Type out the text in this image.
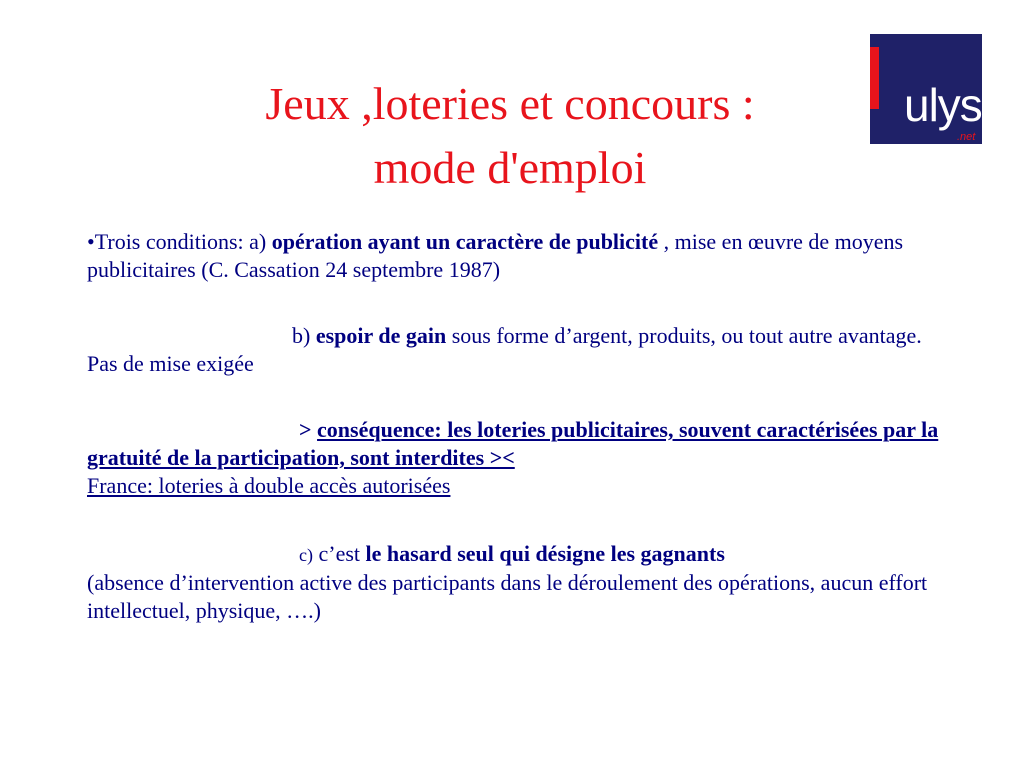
Jeux ,loteries et concours :
mode d'emploi
ulys
.net

•Trois conditions: a) opération ayant un caractère de publicité , mise en œuvre de moyens publicitaires (C. Cassation 24 septembre 1987)

b) espoir de gain sous forme d’argent, produits, ou tout autre avantage. Pas de mise exigée

> conséquence: les loteries publicitaires, souvent caractérisées par la gratuité de la participation, sont interdites ><
France: loteries à double accès autorisées

c) c’est le hasard seul qui désigne les gagnants
(absence d’intervention active des participants dans le déroulement des opérations, aucun effort intellectuel, physique, ….)
